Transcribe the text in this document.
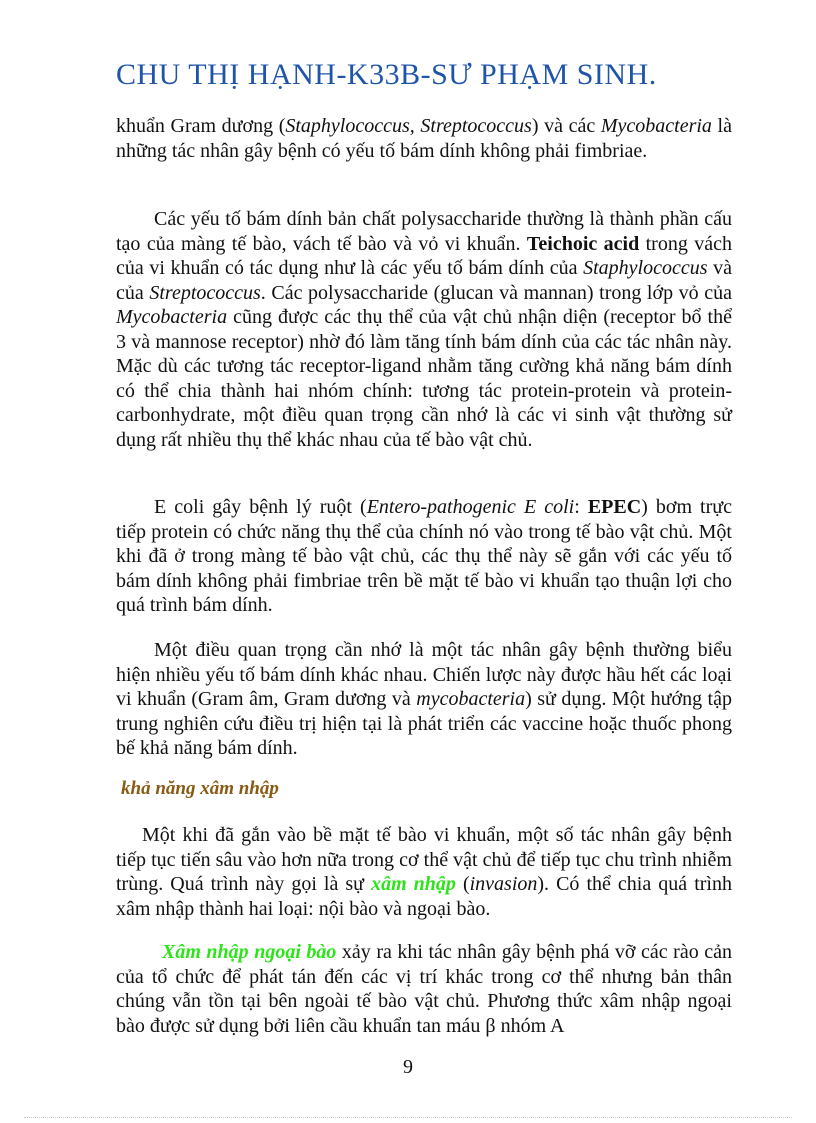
CHU THỊ HẠNH-K33B-SƯ PHẠM SINH.

khuẩn Gram dương (Staphylococcus, Streptococcus) và các Mycobacteria là những tác nhân gây bệnh có yếu tố bám dính không phải fimbriae.

Các yếu tố bám dính bản chất polysaccharide thường là thành phần cấu tạo của màng tế bào, vách tế bào và vỏ vi khuẩn. Teichoic acid trong vách của vi khuẩn có tác dụng như là các yếu tố bám dính của Staphylococcus và của Streptococcus. Các polysaccharide (glucan và mannan) trong lớp vỏ của Mycobacteria cũng được các thụ thể của vật chủ nhận diện (receptor bổ thể 3 và mannose receptor) nhờ đó làm tăng tính bám dính của các tác nhân này. Mặc dù các tương tác receptor-ligand nhằm tăng cường khả năng bám dính có thể chia thành hai nhóm chính: tương tác protein-protein và protein-carbonhydrate, một điều quan trọng cần nhớ là các vi sinh vật thường sử dụng rất nhiều thụ thể khác nhau của tế bào vật chủ.

E coli gây bệnh lý ruột (Entero-pathogenic E coli: EPEC) bơm trực tiếp protein có chức năng thụ thể của chính nó vào trong tế bào vật chủ. Một khi đã ở trong màng tế bào vật chủ, các thụ thể này sẽ gắn với các yếu tố bám dính không phải fimbriae trên bề mặt tế bào vi khuẩn tạo thuận lợi cho quá trình bám dính.

Một điều quan trọng cần nhớ là một tác nhân gây bệnh thường biểu hiện nhiều yếu tố bám dính khác nhau. Chiến lược này được hầu hết các loại vi khuẩn (Gram âm, Gram dương và mycobacteria) sử dụng. Một hướng tập trung nghiên cứu điều trị hiện tại là phát triển các vaccine hoặc thuốc phong bế khả năng bám dính.

khả năng xâm nhập

Một khi đã gắn vào bề mặt tế bào vi khuẩn, một số tác nhân gây bệnh tiếp tục tiến sâu vào hơn nữa trong cơ thể vật chủ để tiếp tục chu trình nhiễm trùng. Quá trình này gọi là sự xâm nhập (invasion). Có thể chia quá trình xâm nhập thành hai loại: nội bào và ngoại bào.

Xâm nhập ngoại bào xảy ra khi tác nhân gây bệnh phá vỡ các rào cản của tổ chức để phát tán đến các vị trí khác trong cơ thể nhưng bản thân chúng vẫn tồn tại bên ngoài tế bào vật chủ. Phương thức xâm nhập ngoại bào được sử dụng bởi liên cầu khuẩn tan máu β nhóm A

9
